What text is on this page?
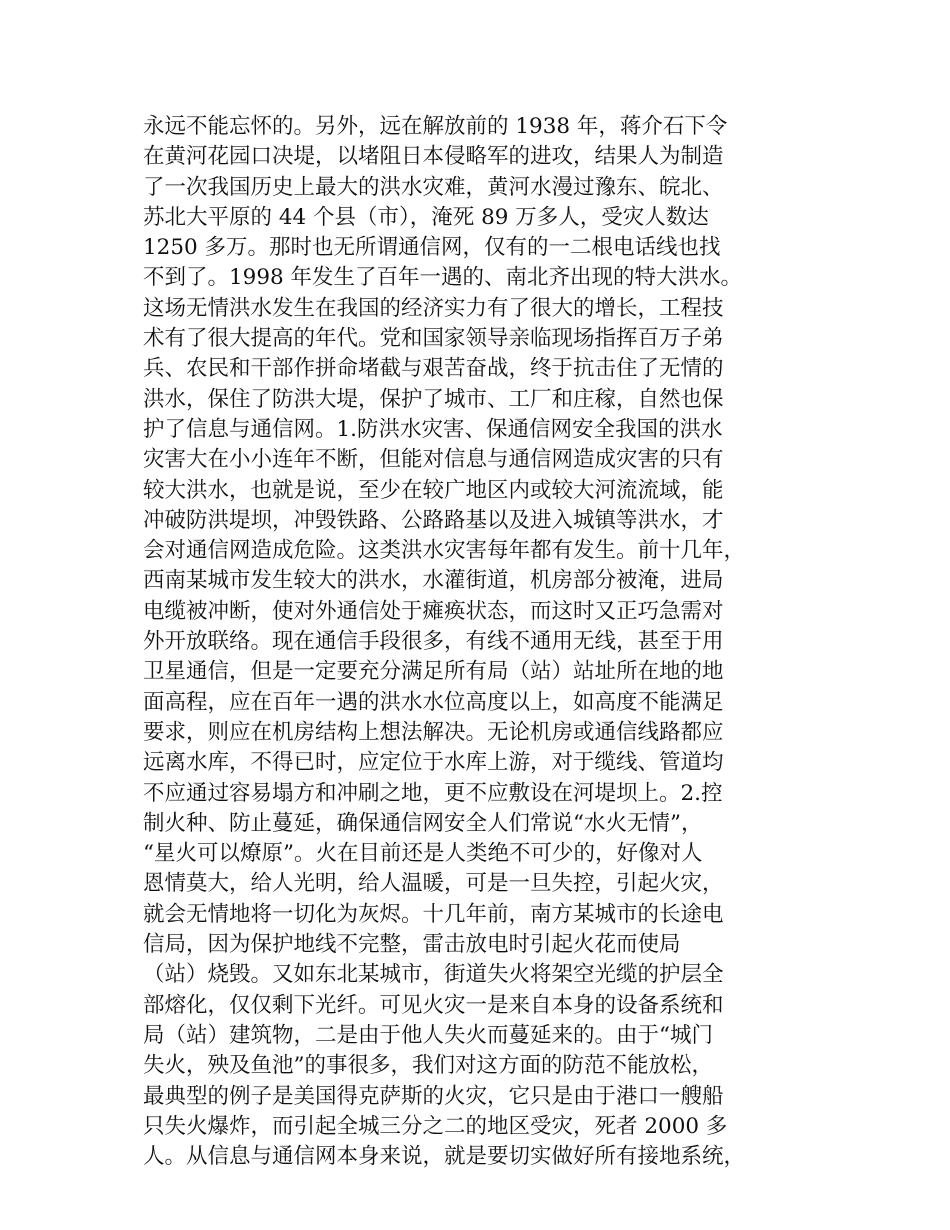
永远不能忘怀的。另外，远在解放前的 1938 年，蒋介石下令
在黄河花园口决堤，以堵阻日本侵略军的进攻，结果人为制造
了一次我国历史上最大的洪水灾难，黄河水漫过豫东、皖北、
苏北大平原的 44 个县（市），淹死 89 万多人，受灾人数达
1250 多万。那时也无所谓通信网，仅有的一二根电话线也找
不到了。1998 年发生了百年一遇的、南北齐出现的特大洪水。
这场无情洪水发生在我国的经济实力有了很大的增长，工程技
术有了很大提高的年代。党和国家领导亲临现场指挥百万子弟
兵、农民和干部作拼命堵截与艰苦奋战，终于抗击住了无情的
洪水，保住了防洪大堤，保护了城市、工厂和庄稼，自然也保
护了信息与通信网。1.防洪水灾害、保通信网安全我国的洪水
灾害大在小小连年不断，但能对信息与通信网造成灾害的只有
较大洪水，也就是说，至少在较广地区内或较大河流流域，能
冲破防洪堤坝，冲毁铁路、公路路基以及进入城镇等洪水，才
会对通信网造成危险。这类洪水灾害每年都有发生。前十几年，
西南某城市发生较大的洪水，水灌街道，机房部分被淹，进局
电缆被冲断，使对外通信处于瘫痪状态，而这时又正巧急需对
外开放联络。现在通信手段很多，有线不通用无线，甚至于用
卫星通信，但是一定要充分满足所有局（站）站址所在地的地
面高程，应在百年一遇的洪水水位高度以上，如高度不能满足
要求，则应在机房结构上想法解决。无论机房或通信线路都应
远离水库，不得已时，应定位于水库上游，对于缆线、管道均
不应通过容易塌方和冲刷之地，更不应敷设在河堤坝上。2.控
制火种、防止蔓延，确保通信网安全人们常说“水火无情”，
“星火可以燎原”。火在目前还是人类绝不可少的，好像对人
恩情莫大，给人光明，给人温暖，可是一旦失控，引起火灾，
就会无情地将一切化为灰烬。十几年前，南方某城市的长途电
信局，因为保护地线不完整，雷击放电时引起火花而使局
（站）烧毁。又如东北某城市，街道失火将架空光缆的护层全
部熔化，仅仅剩下光纤。可见火灾一是来自本身的设备系统和
局（站）建筑物，二是由于他人失火而蔓延来的。由于“城门
失火，殃及鱼池”的事很多，我们对这方面的防范不能放松，
最典型的例子是美国得克萨斯的火灾，它只是由于港口一艘船
只失火爆炸，而引起全城三分之二的地区受灾，死者 2000 多
人。从信息与通信网本身来说，就是要切实做好所有接地系统，
